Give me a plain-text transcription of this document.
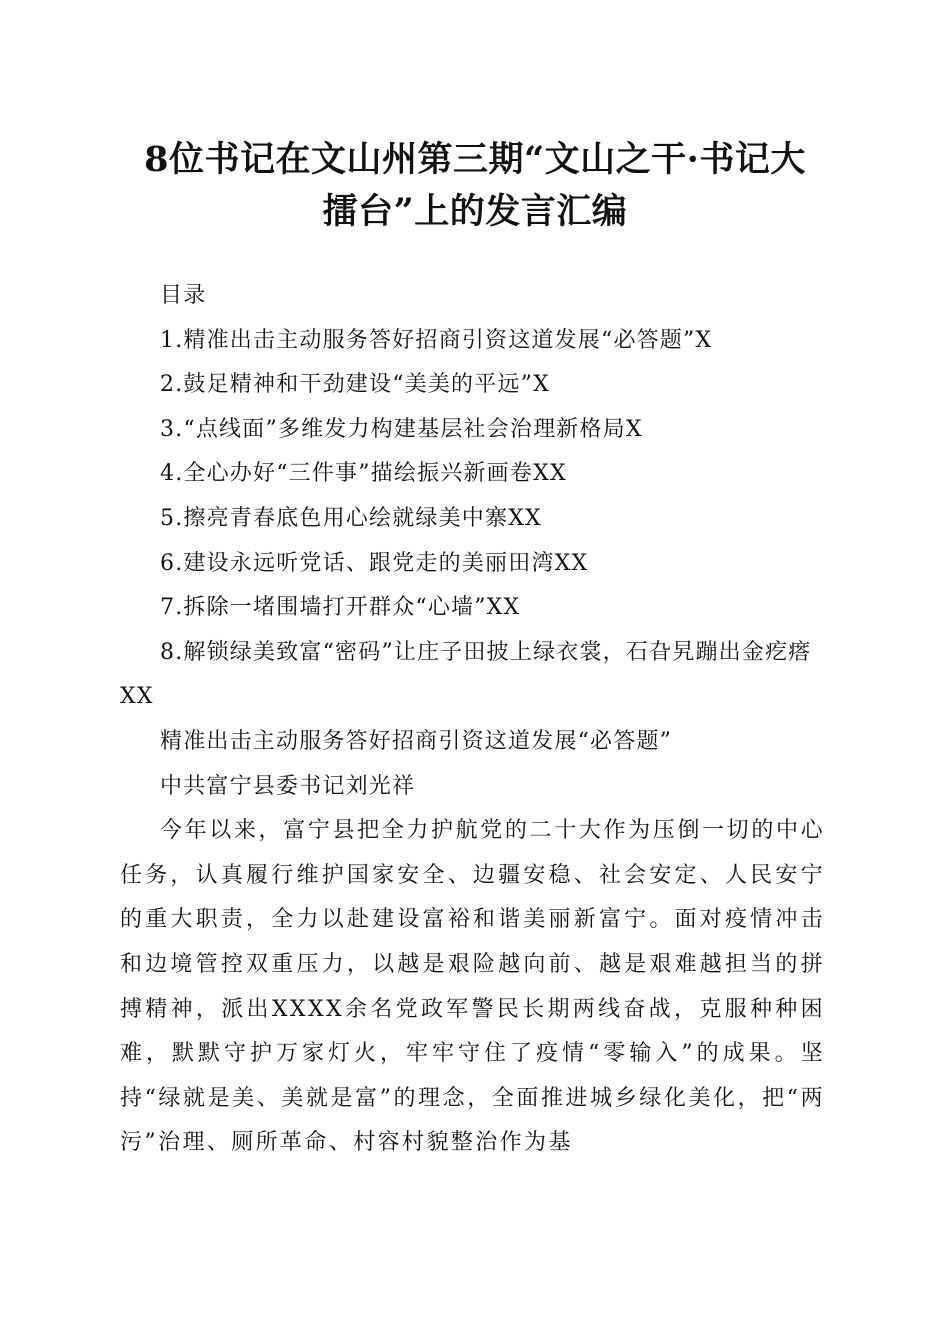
8位书记在文山州第三期“文山之干·书记大
擂台”上的发言汇编

目录

1.精准出击主动服务答好招商引资这道发展“必答题”X

2.鼓足精神和干劲建设“美美的平远”X

3.“点线面”多维发力构建基层社会治理新格局X

4.全心办好“三件事”描绘振兴新画卷XX

5.擦亮青春底色用心绘就绿美中寨XX

6.建设永远听党话、跟党走的美丽田湾XX

7.拆除一堵围墙打开群众“心墙”XX

8.解锁绿美致富“密码”让庄子田披上绿衣裳，石旮旯蹦出金疙瘩XX

精准出击主动服务答好招商引资这道发展“必答题”

中共富宁县委书记刘光祥

今年以来，富宁县把全力护航党的二十大作为压倒一切的中心任务，认真履行维护国家安全、边疆安稳、社会安定、人民安宁的重大职责，全力以赴建设富裕和谐美丽新富宁。面对疫情冲击和边境管控双重压力，以越是艰险越向前、越是艰难越担当的拼搏精神，派出XXXX余名党政军警民长期两线奋战，克服种种困难，默默守护万家灯火，牢牢守住了疫情“零输入”的成果。坚持“绿就是美、美就是富”的理念，全面推进城乡绿化美化，把“两污”治理、厕所革命、村容村貌整治作为基
